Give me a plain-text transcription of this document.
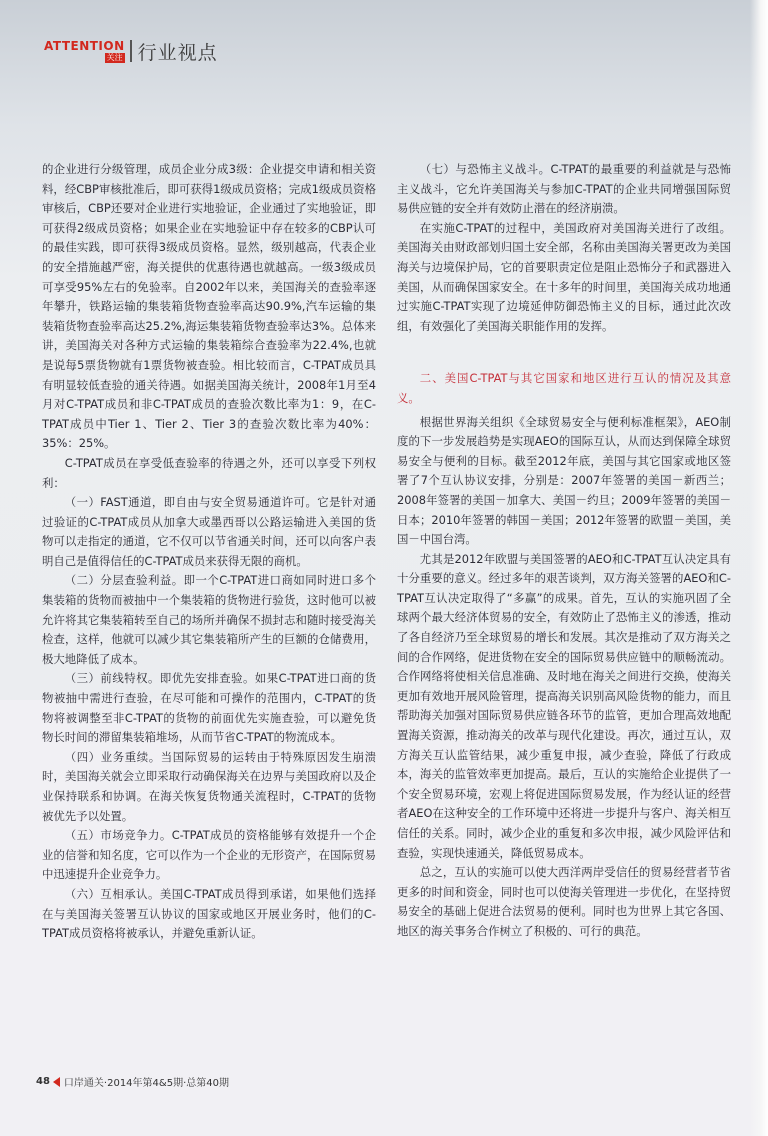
ATTENTION
关注 行业视点

的企业进行分级管理，成员企业分成3级：企业提交申请和相关资料，经CBP审核批准后，即可获得1级成员资格；完成1级成员资格审核后，CBP还要对企业进行实地验证，企业通过了实地验证，即可获得2级成员资格；如果企业在实地验证中存在较多的CBP认可的最佳实践，即可获得3级成员资格。显然，级别越高，代表企业的安全措施越严密，海关提供的优惠待遇也就越高。一级3级成员可享受95%左右的免验率。自2002年以来，美国海关的查验率逐年攀升，铁路运输的集装箱货物查验率高达90.9%,汽车运输的集装箱货物查验率高达25.2%,海运集装箱货物查验率达3%。总体来讲，美国海关对各种方式运输的集装箱综合查验率为22.4%,也就是说每5票货物就有1票货物被查验。相比较而言，C-TPAT成员具有明显较低查验的通关待遇。如据美国海关统计，2008年1月至4月对C-TPAT成员和非C-TPAT成员的查验次数比率为1：9，在C-TPAT成员中Tier 1、Tier 2、Tier 3的查验次数比率为40%：35%：25%。

C-TPAT成员在享受低查验率的待遇之外，还可以享受下列权利：

（一）FAST通道，即自由与安全贸易通道许可。它是针对通过验证的C-TPAT成员从加拿大或墨西哥以公路运输进入美国的货物可以走指定的通道，它不仅可以节省通关时间，还可以向客户表明自己是值得信任的C-TPAT成员来获得无限的商机。

（二）分层查验利益。即一个C-TPAT进口商如同时进口多个集装箱的货物而被抽中一个集装箱的货物进行验货，这时他可以被允许将其它集装箱转至自己的场所并确保不损封志和随时接受海关检查，这样，他就可以减少其它集装箱所产生的巨额的仓储费用，极大地降低了成本。

（三）前线特权。即优先安排查验。如果C-TPAT进口商的货物被抽中需进行查验，在尽可能和可操作的范围内，C-TPAT的货物将被调整至非C-TPAT的货物的前面优先实施查验，可以避免货物长时间的滞留集装箱堆场，从而节省C-TPAT的物流成本。

（四）业务重续。当国际贸易的运转由于特殊原因发生崩溃时，美国海关就会立即采取行动确保海关在边界与美国政府以及企业保持联系和协调。在海关恢复货物通关流程时，C-TPAT的货物被优先予以处置。

（五）市场竞争力。C-TPAT成员的资格能够有效提升一个企业的信誉和知名度，它可以作为一个企业的无形资产，在国际贸易中迅速提升企业竞争力。

（六）互相承认。美国C-TPAT成员得到承诺，如果他们选择在与美国海关签署互认协议的国家或地区开展业务时，他们的C-TPAT成员资格将被承认，并避免重新认证。

（七）与恐怖主义战斗。C-TPAT的最重要的利益就是与恐怖主义战斗，它允许美国海关与参加C-TPAT的企业共同增强国际贸易供应链的安全并有效防止潜在的经济崩溃。

在实施C-TPAT的过程中，美国政府对美国海关进行了改组。美国海关由财政部划归国土安全部，名称由美国海关署更改为美国海关与边境保护局，它的首要职责定位是阻止恐怖分子和武器进入美国，从而确保国家安全。在十多年的时间里，美国海关成功地通过实施C-TPAT实现了边境延伸防御恐怖主义的目标，通过此次改组，有效强化了美国海关职能作用的发挥。

二、美国C-TPAT与其它国家和地区进行互认的情况及其意义。

根据世界海关组织《全球贸易安全与便利标准框架》，AEO制度的下一步发展趋势是实现AEO的国际互认，从而达到保障全球贸易安全与便利的目标。截至2012年底，美国与其它国家或地区签署了7个互认协议安排，分别是：2007年签署的美国－新西兰；2008年签署的美国－加拿大、美国－约旦；2009年签署的美国－日本；2010年签署的韩国－美国；2012年签署的欧盟－美国，美国－中国台湾。

尤其是2012年欧盟与美国签署的AEO和C-TPAT互认决定具有十分重要的意义。经过多年的艰苦谈判，双方海关签署的AEO和C-TPAT互认决定取得了“多赢”的成果。首先，互认的实施巩固了全球两个最大经济体贸易的安全，有效防止了恐怖主义的渗透，推动了各自经济乃至全球贸易的增长和发展。其次是推动了双方海关之间的合作网络，促进货物在安全的国际贸易供应链中的顺畅流动。合作网络将使相关信息准确、及时地在海关之间进行交换，使海关更加有效地开展风险管理，提高海关识别高风险货物的能力，而且帮助海关加强对国际贸易供应链各环节的监管，更加合理高效地配置海关资源，推动海关的改革与现代化建设。再次，通过互认，双方海关互认监管结果，减少重复申报，减少查验，降低了行政成本，海关的监管效率更加提高。最后，互认的实施给企业提供了一个安全贸易环境，宏观上将促进国际贸易发展，作为经认证的经营者AEO在这种安全的工作环境中还将进一步提升与客户、海关相互信任的关系。同时，减少企业的重复和多次申报，减少风险评估和查验，实现快速通关，降低贸易成本。

总之，互认的实施可以使大西洋两岸受信任的贸易经营者节省更多的时间和资金，同时也可以使海关管理进一步优化，在坚持贸易安全的基础上促进合法贸易的便利。同时也为世界上其它各国、地区的海关事务合作树立了积极的、可行的典范。

48 口岸通关·2014年第4&5期·总第40期
